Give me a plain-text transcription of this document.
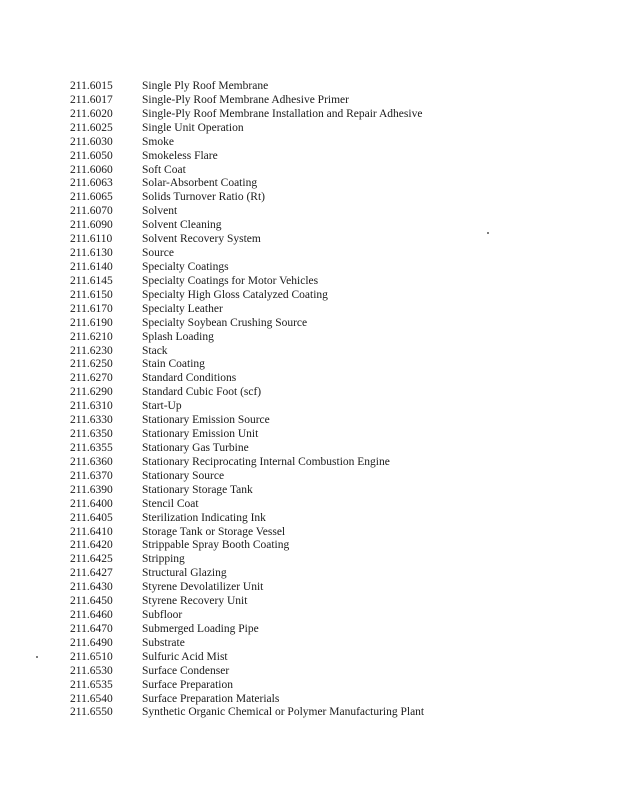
211.6015	Single Ply Roof Membrane
211.6017	Single-Ply Roof Membrane Adhesive Primer
211.6020	Single-Ply Roof Membrane Installation and Repair Adhesive
211.6025	Single Unit Operation
211.6030	Smoke
211.6050	Smokeless Flare
211.6060	Soft Coat
211.6063	Solar-Absorbent Coating
211.6065	Solids Turnover Ratio (Rt)
211.6070	Solvent
211.6090	Solvent Cleaning
211.6110	Solvent Recovery System
211.6130	Source
211.6140	Specialty Coatings
211.6145	Specialty Coatings for Motor Vehicles
211.6150	Specialty High Gloss Catalyzed Coating
211.6170	Specialty Leather
211.6190	Specialty Soybean Crushing Source
211.6210	Splash Loading
211.6230	Stack
211.6250	Stain Coating
211.6270	Standard Conditions
211.6290	Standard Cubic Foot (scf)
211.6310	Start-Up
211.6330	Stationary Emission Source
211.6350	Stationary Emission Unit
211.6355	Stationary Gas Turbine
211.6360	Stationary Reciprocating Internal Combustion Engine
211.6370	Stationary Source
211.6390	Stationary Storage Tank
211.6400	Stencil Coat
211.6405	Sterilization Indicating Ink
211.6410	Storage Tank or Storage Vessel
211.6420	Strippable Spray Booth Coating
211.6425	Stripping
211.6427	Structural Glazing
211.6430	Styrene Devolatilizer Unit
211.6450	Styrene Recovery Unit
211.6460	Subfloor
211.6470	Submerged Loading Pipe
211.6490	Substrate
211.6510	Sulfuric Acid Mist
211.6530	Surface Condenser
211.6535	Surface Preparation
211.6540	Surface Preparation Materials
211.6550	Synthetic Organic Chemical or Polymer Manufacturing Plant
